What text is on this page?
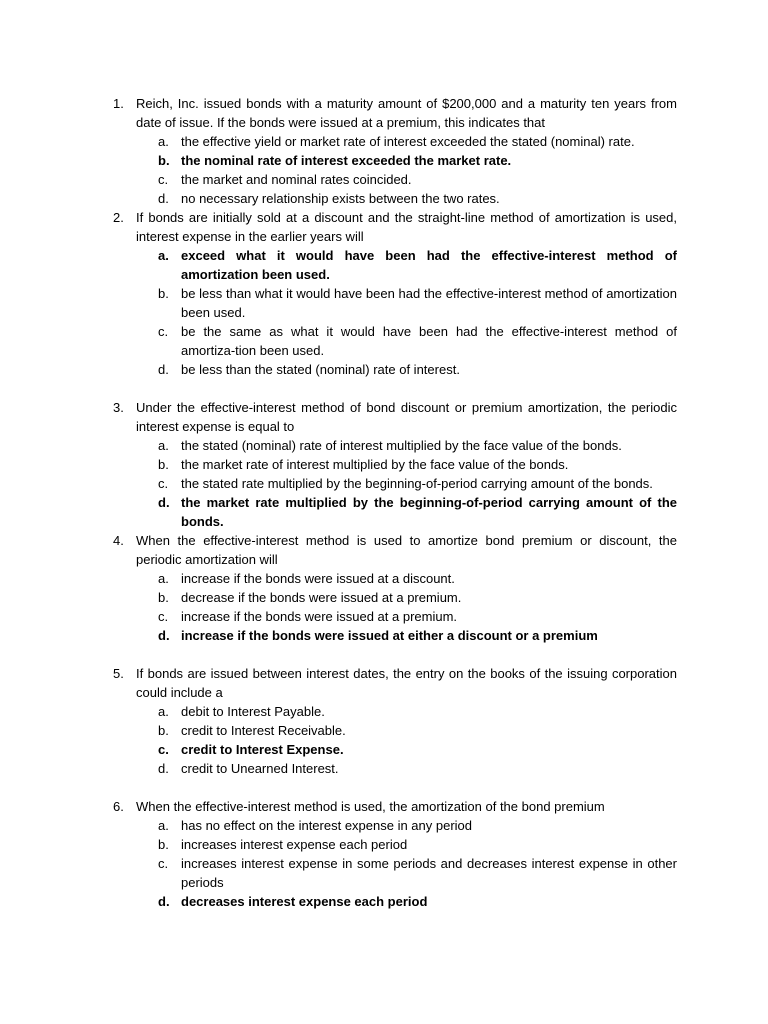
1. Reich, Inc. issued bonds with a maturity amount of $200,000 and a maturity ten years from date of issue. If the bonds were issued at a premium, this indicates that
a. the effective yield or market rate of interest exceeded the stated (nominal) rate.
b. the nominal rate of interest exceeded the market rate.
c. the market and nominal rates coincided.
d. no necessary relationship exists between the two rates.
2. If bonds are initially sold at a discount and the straight-line method of amortization is used, interest expense in the earlier years will
a. exceed what it would have been had the effective-interest method of amortization been used.
b. be less than what it would have been had the effective-interest method of amortization been used.
c. be the same as what it would have been had the effective-interest method of amortiza-tion been used.
d. be less than the stated (nominal) rate of interest.
3. Under the effective-interest method of bond discount or premium amortization, the periodic interest expense is equal to
a. the stated (nominal) rate of interest multiplied by the face value of the bonds.
b. the market rate of interest multiplied by the face value of the bonds.
c. the stated rate multiplied by the beginning-of-period carrying amount of the bonds.
d. the market rate multiplied by the beginning-of-period carrying amount of the bonds.
4. When the effective-interest method is used to amortize bond premium or discount, the periodic amortization will
a. increase if the bonds were issued at a discount.
b. decrease if the bonds were issued at a premium.
c. increase if the bonds were issued at a premium.
d. increase if the bonds were issued at either a discount or a premium
5. If bonds are issued between interest dates, the entry on the books of the issuing corporation could include a
a. debit to Interest Payable.
b. credit to Interest Receivable.
c. credit to Interest Expense.
d. credit to Unearned Interest.
6. When the effective-interest method is used, the amortization of the bond premium
a. has no effect on the interest expense in any period
b. increases interest expense each period
c. increases interest expense in some periods and decreases interest expense in other periods
d. decreases interest expense each period
